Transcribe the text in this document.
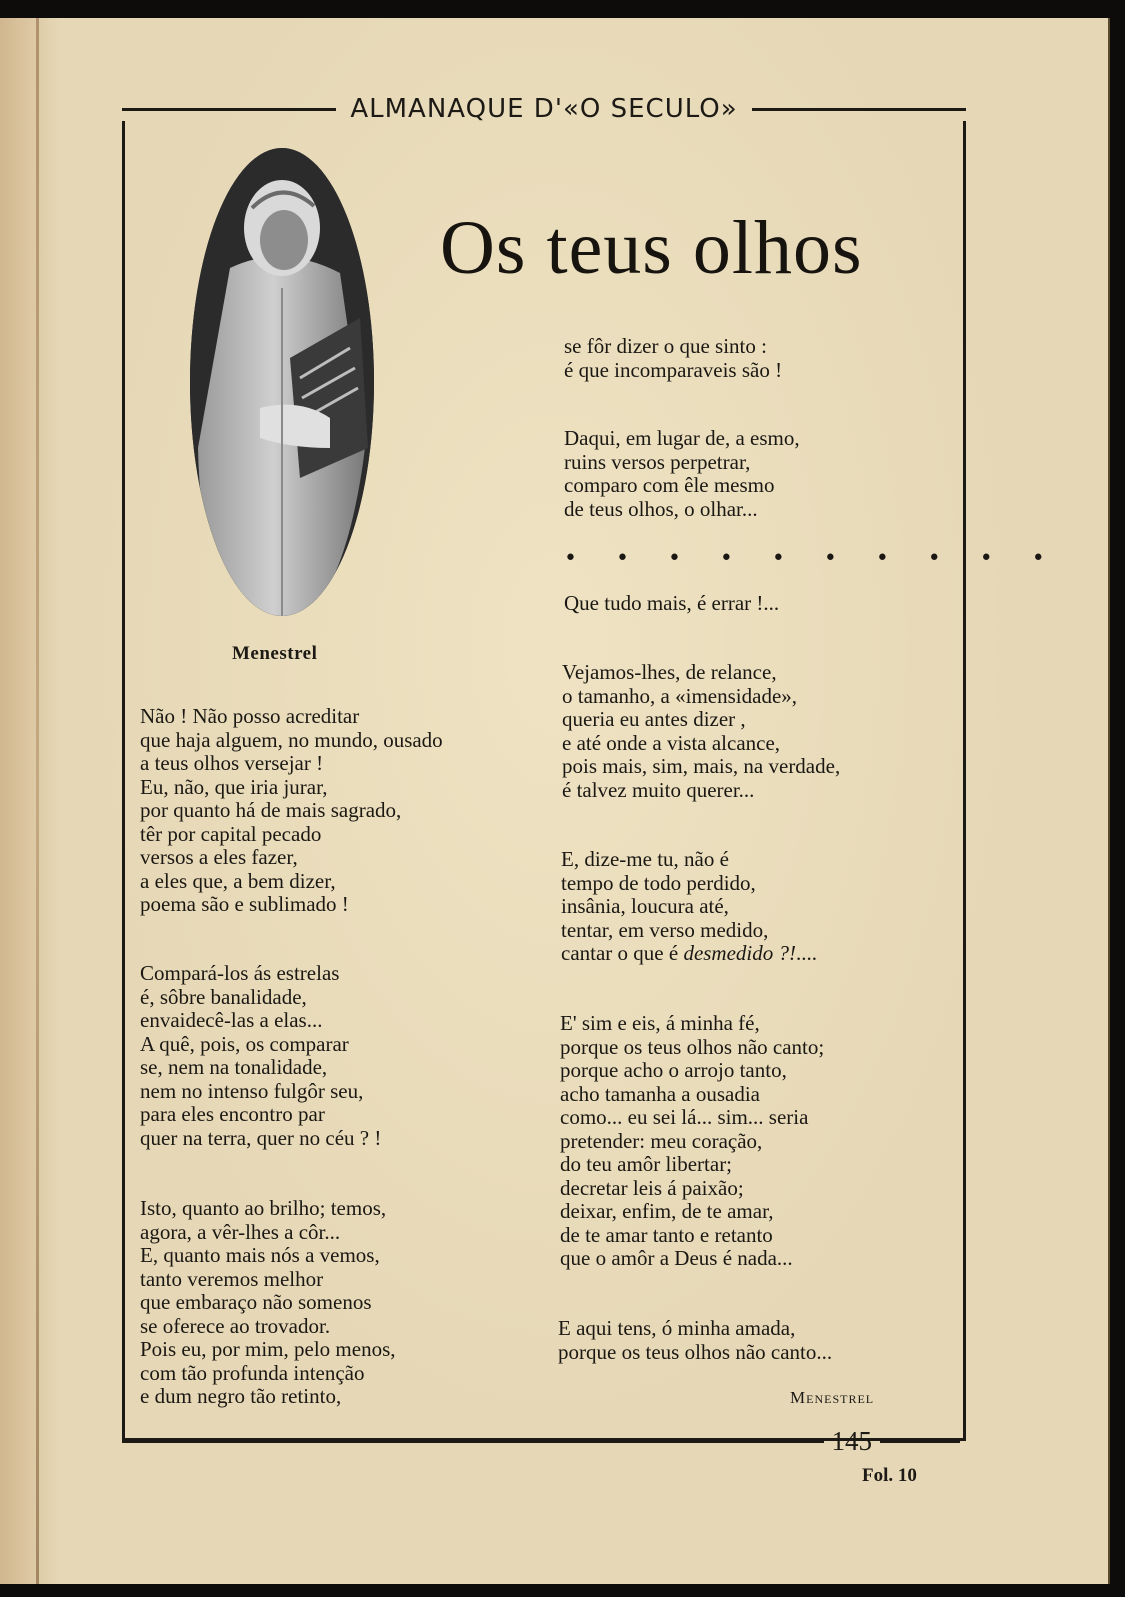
ALMANAQUE D'«O SECULO»
Menestrel
Os teus olhos
Não ! Não posso acreditar
que haja alguem, no mundo, ousado
a teus olhos versejar !
Eu, não, que iria jurar,
por quanto há de mais sagrado,
têr por capital pecado
versos a eles fazer,
a eles que, a bem dizer,
poema são e sublimado !
Compará-los ás estrelas
é, sôbre banalidade,
envaidecê-las a elas...
A quê, pois, os comparar
se, nem na tonalidade,
nem no intenso fulgôr seu,
para eles encontro par
quer na terra, quer no céu ? !
Isto, quanto ao brilho; temos,
agora, a vêr-lhes a côr...
E, quanto mais nós a vemos,
tanto veremos melhor
que embaraço não somenos
se oferece ao trovador.
Pois eu, por mim, pelo menos,
com tão profunda intenção
e dum negro tão retinto,
se fôr dizer o que sinto :
é que incomparaveis são !
Daqui, em lugar de, a esmo,
ruins versos perpetrar,
comparo com êle mesmo
de teus olhos, o olhar...
• • • • • • • • • •
Que tudo mais, é errar !...
Vejamos-lhes, de relance,
o tamanho, a «imensidade»,
queria eu antes dizer ,
e até onde a vista alcance,
pois mais, sim, mais, na verdade,
é talvez muito querer...
E, dize-me tu, não é
tempo de todo perdido,
insânia, loucura até,
tentar, em verso medido,
cantar o que é desmedido ?!....
E' sim e eis, á minha fé,
porque os teus olhos não canto;
porque acho o arrojo tanto,
acho tamanha a ousadia
como... eu sei lá... sim... seria
pretender: meu coração,
do teu amôr libertar;
decretar leis á paixão;
deixar, enfim, de te amar,
de te amar tanto e retanto
que o amôr a Deus é nada...
E aqui tens, ó minha amada,
porque os teus olhos não canto...
Menestrel
145
Fol. 10
